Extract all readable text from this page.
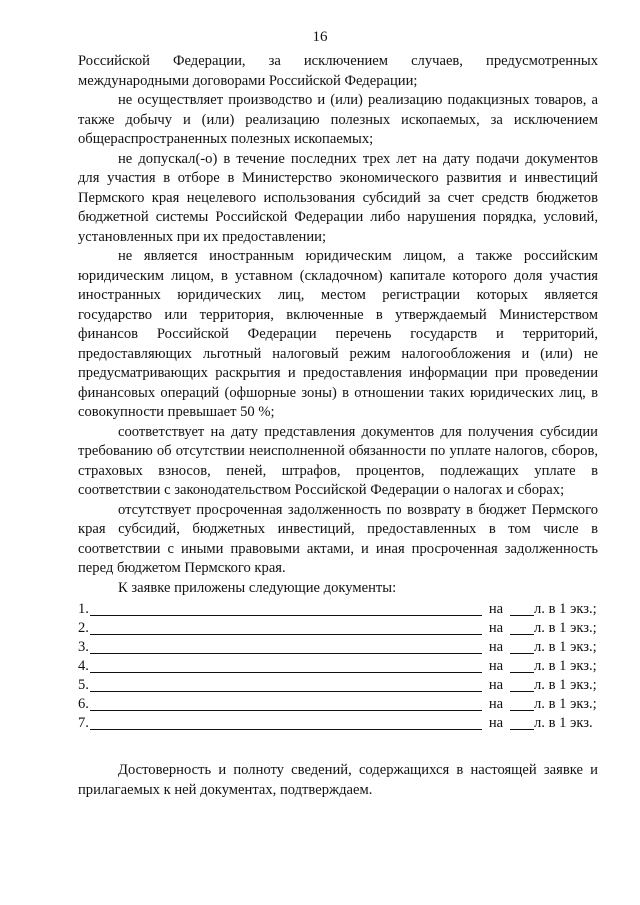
16

Российской Федерации, за исключением случаев, предусмотренных международными договорами Российской Федерации;

не осуществляет производство и (или) реализацию подакцизных товаров, а также добычу и (или) реализацию полезных ископаемых, за исключением общераспространенных полезных ископаемых;

не допускал(-о) в течение последних трех лет на дату подачи документов для участия в отборе в Министерство экономического развития и инвестиций Пермского края нецелевого использования субсидий за счет средств бюджетов бюджетной системы Российской Федерации либо нарушения порядка, условий, установленных при их предоставлении;

не является иностранным юридическим лицом, а также российским юридическим лицом, в уставном (складочном) капитале которого доля участия иностранных юридических лиц, местом регистрации которых является государство или территория, включенные в утверждаемый Министерством финансов Российской Федерации перечень государств и территорий, предоставляющих льготный налоговый режим налогообложения и (или) не предусматривающих раскрытия и предоставления информации при проведении финансовых операций (офшорные зоны) в отношении таких юридических лиц, в совокупности превышает 50 %;

соответствует на дату представления документов для получения субсидии требованию об отсутствии неисполненной обязанности по уплате налогов, сборов, страховых взносов, пеней, штрафов, процентов, подлежащих уплате в соответствии с законодательством Российской Федерации о налогах и сборах;

отсутствует просроченная задолженность по возврату в бюджет Пермского края субсидий, бюджетных инвестиций, предоставленных в том числе в соответствии с иными правовыми актами, и иная просроченная задолженность перед бюджетом Пермского края.

К заявке приложены следующие документы:

1.	на	л. в 1 экз.;
2.	на	л. в 1 экз.;
3.	на	л. в 1 экз.;
4.	на	л. в 1 экз.;
5.	на	л. в 1 экз.;
6.	на	л. в 1 экз.;
7.	на	л. в 1 экз.

Достоверность и полноту сведений, содержащихся в настоящей заявке и прилагаемых к ней документах, подтверждаем.
